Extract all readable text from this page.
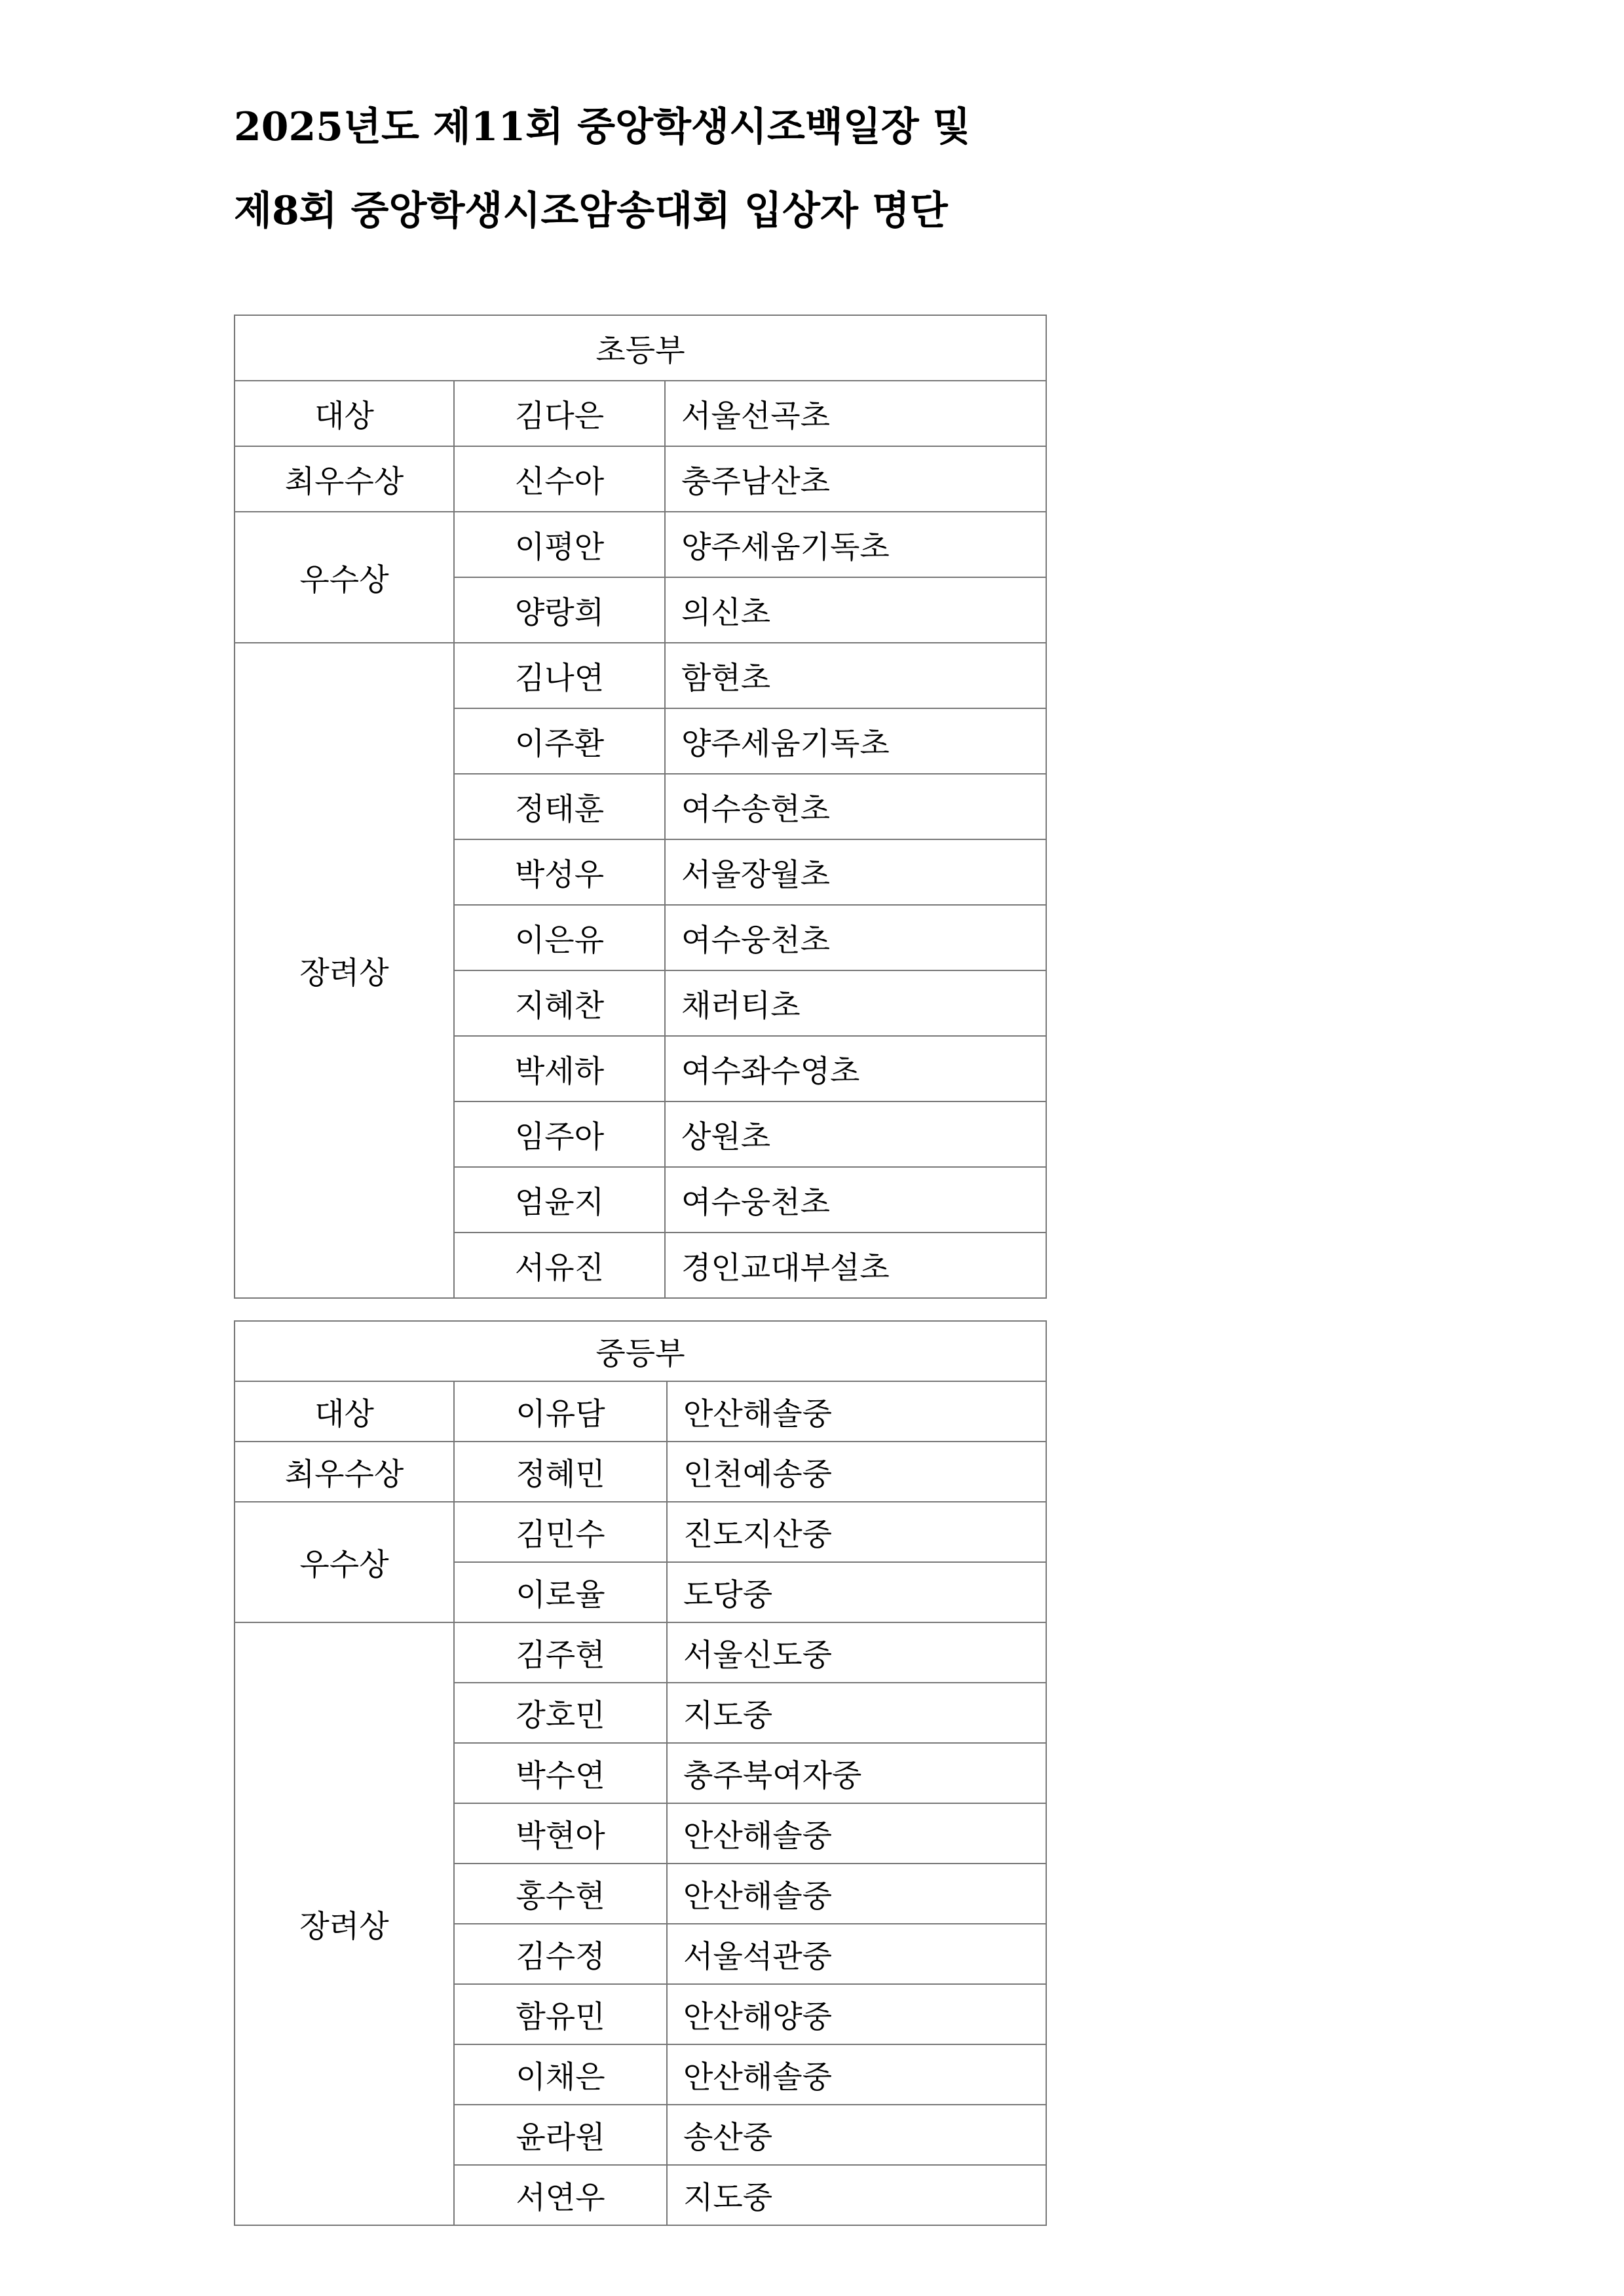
2025년도 제11회 중앙학생시조백일장 및
제8회 중앙학생시조암송대회 입상자 명단
초등부		
대상	김다은	서울선곡초
최우수상	신수아	충주남산초
우수상	이평안	양주세움기독초
	양랑희	의신초
장려상	김나연	함현초
	이주환	양주세움기독초
	정태훈	여수송현초
	박성우	서울장월초
	이은유	여수웅천초
	지혜찬	채러티초
	박세하	여수좌수영초
	임주아	상원초
	엄윤지	여수웅천초
	서유진	경인교대부설초
중등부		
대상	이유담	안산해솔중
최우수상	정혜민	인천예송중
우수상	김민수	진도지산중
	이로율	도당중
장려상	김주현	서울신도중
	강호민	지도중
	박수연	충주북여자중
	박현아	안산해솔중
	홍수현	안산해솔중
	김수정	서울석관중
	함유민	안산해양중
	이채은	안산해솔중
	윤라원	송산중
	서연우	지도중
